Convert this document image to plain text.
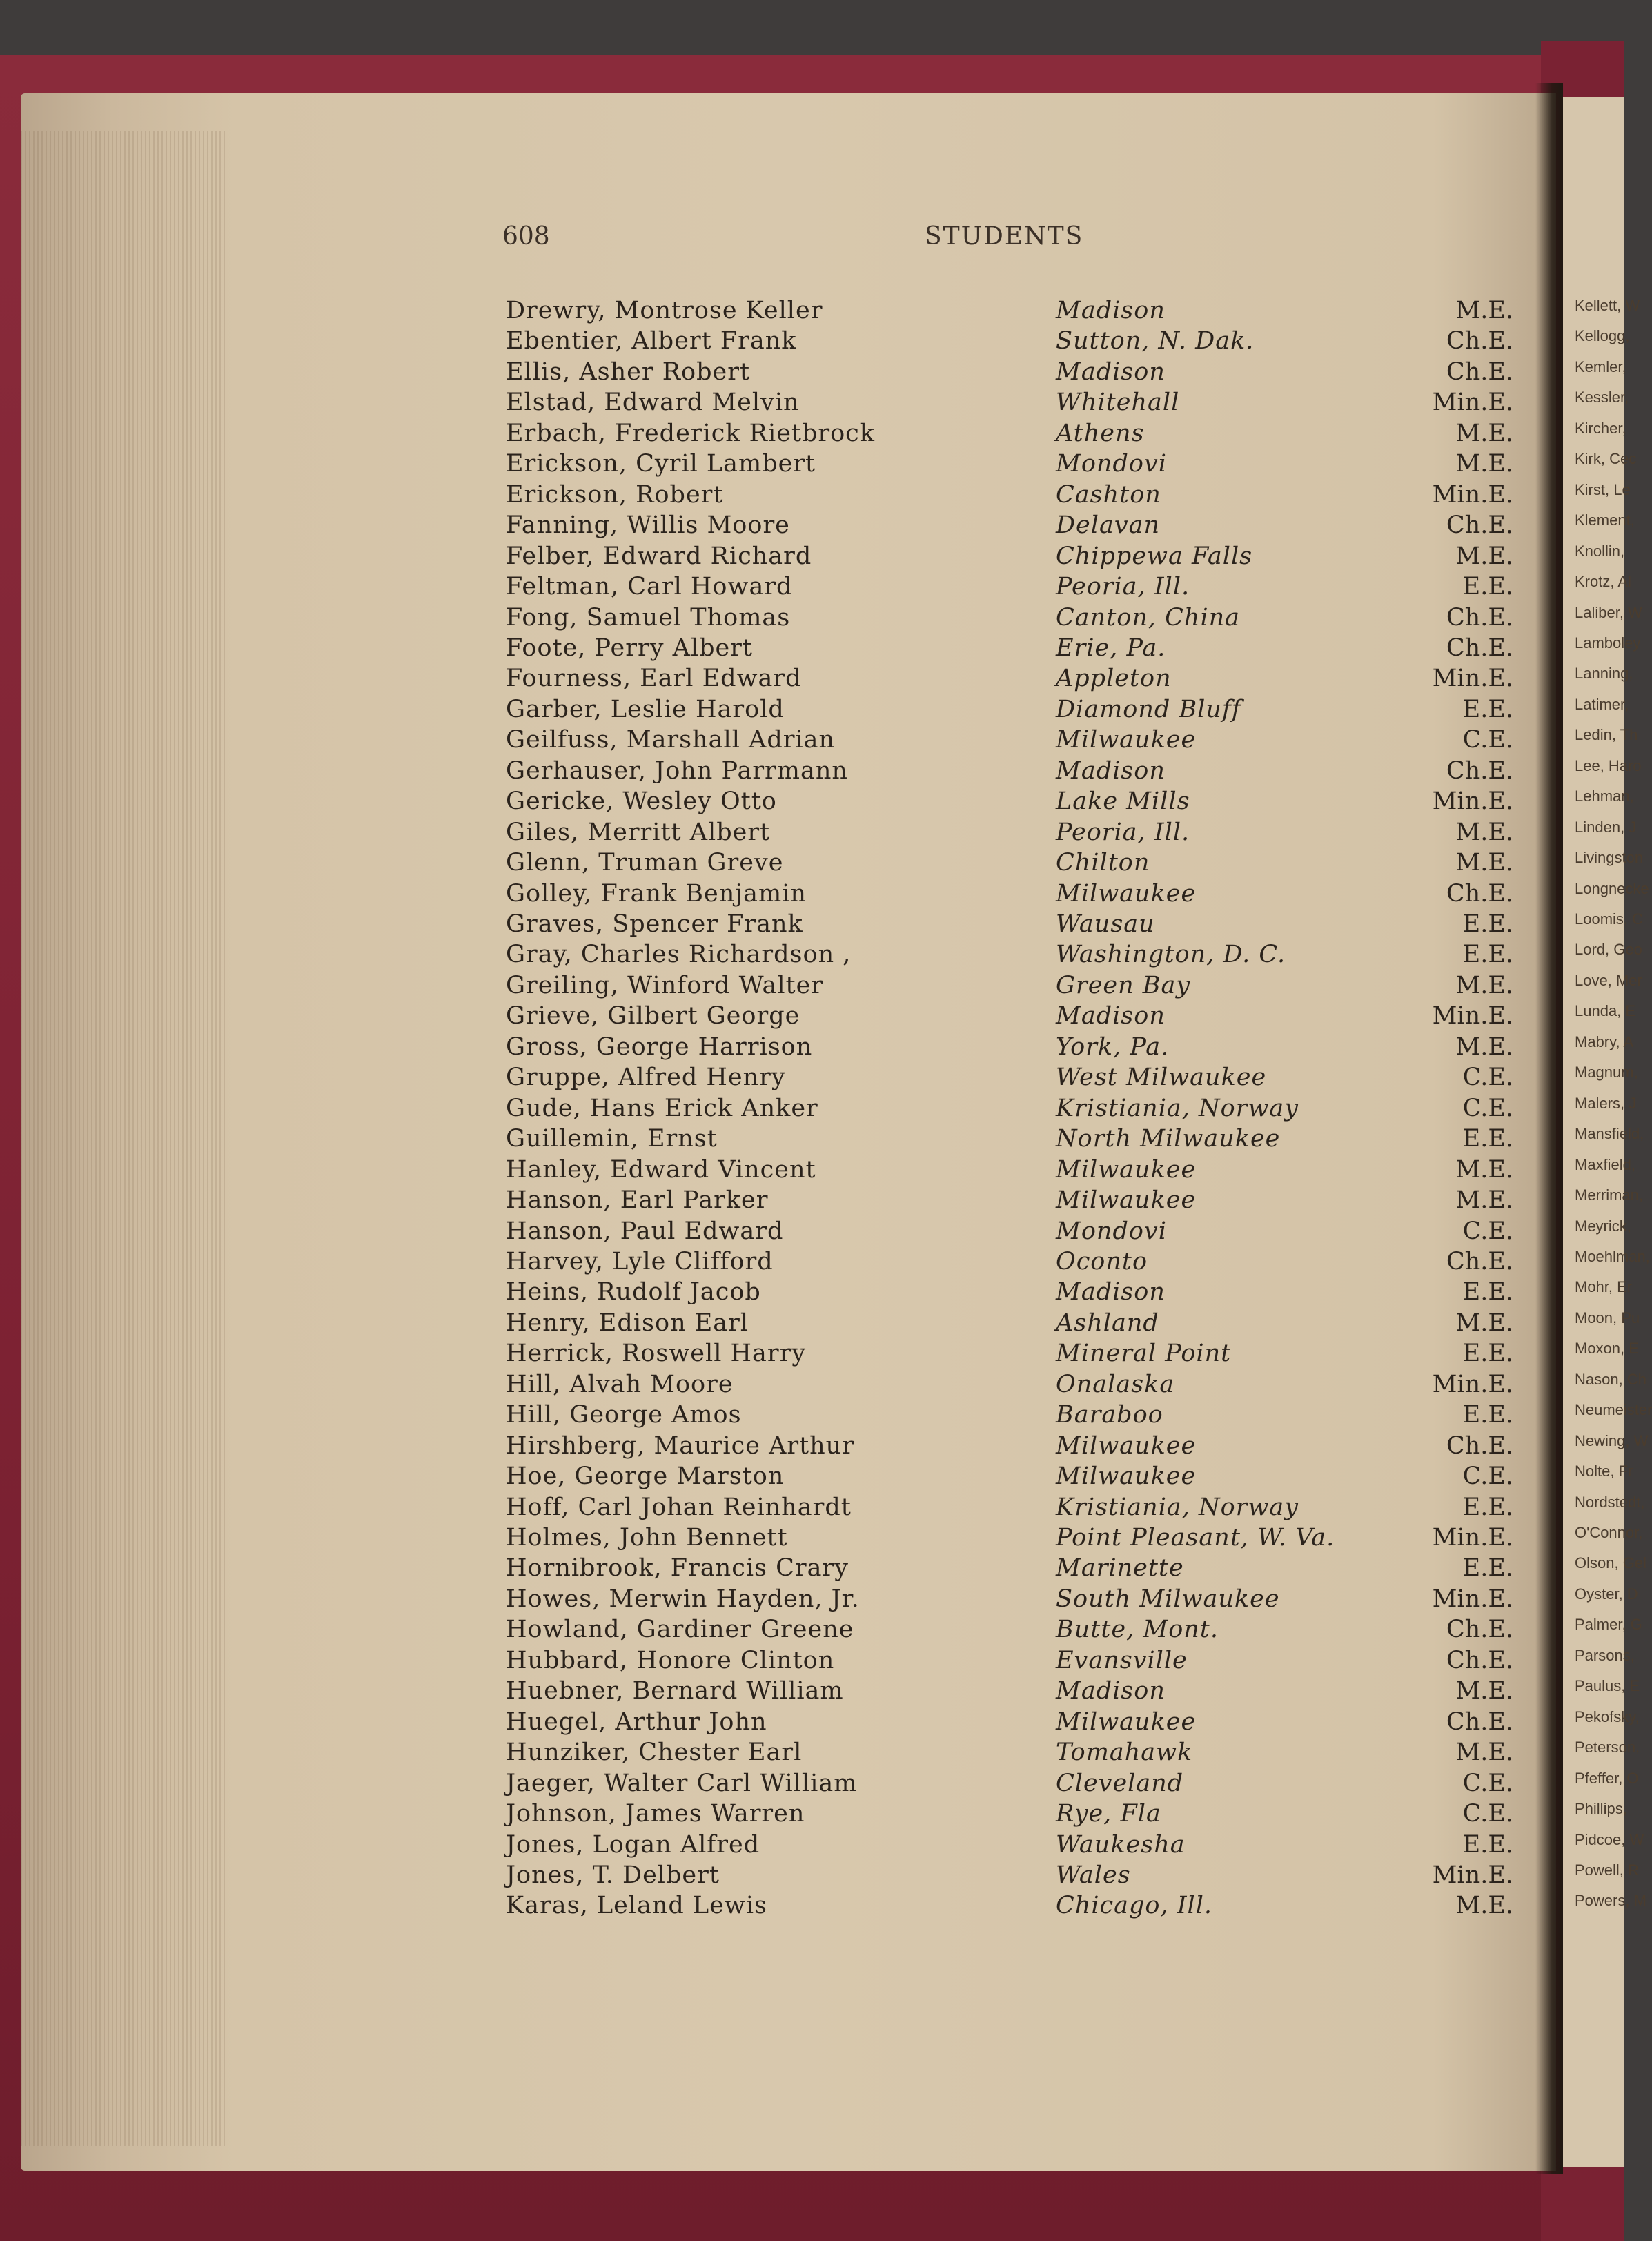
Kellett, W
Kellogg,
Kemler,
Kessler,
Kircher,
Kirk, Cec
Kirst, Le
Klement,
Knollin,
Krotz, Al
Laliber, W
Lamboley
Lanning,
Latimer,
Ledin, Th
Lee, Haro
Lehman,
Linden, J
Livingston
Longnecke
Loomis, C
Lord, Geo
Love, Mer
Lunda, E
Mabry, A
Magnum,
Malers, J
Mansfield,
Maxfield,
Merriman,
Meyrick,
Moehlman,
Mohr, Er
Moon, Pu
Moxon, E
Nason, Ch
Neumeister
Newing, W
Nolte, Fr
Nordstedt,
O'Connor,
Olson, Gel
Oyster, D
Palmer, G
Parsons,
Paulus, E
Pekofsky,
Peterson,
Pfeffer, O
Phillips,
Pidcoe, W
Powell, R
Powers, M
608	STUDENTS
Drewry, Montrose Keller	Madison	M.E.
Ebentier, Albert Frank	Sutton, N. Dak.	Ch.E.
Ellis, Asher Robert	Madison	Ch.E.
Elstad, Edward Melvin	Whitehall	Min.E.
Erbach, Frederick Rietbrock	Athens	M.E.
Erickson, Cyril Lambert	Mondovi	M.E.
Erickson, Robert	Cashton	Min.E.
Fanning, Willis Moore	Delavan	Ch.E.
Felber, Edward Richard	Chippewa Falls	M.E.
Feltman, Carl Howard	Peoria, Ill.	E.E.
Fong, Samuel Thomas	Canton, China	Ch.E.
Foote, Perry Albert	Erie, Pa.	Ch.E.
Fourness, Earl Edward	Appleton	Min.E.
Garber, Leslie Harold	Diamond Bluff	E.E.
Geilfuss, Marshall Adrian	Milwaukee	C.E.
Gerhauser, John Parrmann	Madison	Ch.E.
Gericke, Wesley Otto	Lake Mills	Min.E.
Giles, Merritt Albert	Peoria, Ill.	M.E.
Glenn, Truman Greve	Chilton	M.E.
Golley, Frank Benjamin	Milwaukee	Ch.E.
Graves, Spencer Frank	Wausau	E.E.
Gray, Charles Richardson ,	Washington, D. C.	E.E.
Greiling, Winford Walter	Green Bay	M.E.
Grieve, Gilbert George	Madison	Min.E.
Gross, George Harrison	York, Pa.	M.E.
Gruppe, Alfred Henry	West Milwaukee	C.E.
Gude, Hans Erick Anker	Kristiania, Norway	C.E.
Guillemin, Ernst	North Milwaukee	E.E.
Hanley, Edward Vincent	Milwaukee	M.E.
Hanson, Earl Parker	Milwaukee	M.E.
Hanson, Paul Edward	Mondovi	C.E.
Harvey, Lyle Clifford	Oconto	Ch.E.
Heins, Rudolf Jacob	Madison	E.E.
Henry, Edison Earl	Ashland	M.E.
Herrick, Roswell Harry	Mineral Point	E.E.
Hill, Alvah Moore	Onalaska	Min.E.
Hill, George Amos	Baraboo	E.E.
Hirshberg, Maurice Arthur	Milwaukee	Ch.E.
Hoe, George Marston	Milwaukee	C.E.
Hoff, Carl Johan Reinhardt	Kristiania, Norway	E.E.
Holmes, John Bennett	Point Pleasant, W. Va.	Min.E.
Hornibrook, Francis Crary	Marinette	E.E.
Howes, Merwin Hayden, Jr.	South Milwaukee	Min.E.
Howland, Gardiner Greene	Butte, Mont.	Ch.E.
Hubbard, Honore Clinton	Evansville	Ch.E.
Huebner, Bernard William	Madison	M.E.
Huegel, Arthur John	Milwaukee	Ch.E.
Hunziker, Chester Earl	Tomahawk	M.E.
Jaeger, Walter Carl William	Cleveland	C.E.
Johnson, James Warren	Rye, Fla	C.E.
Jones, Logan Alfred	Waukesha	E.E.
Jones, T. Delbert	Wales	Min.E.
Karas, Leland Lewis	Chicago, Ill.	M.E.
